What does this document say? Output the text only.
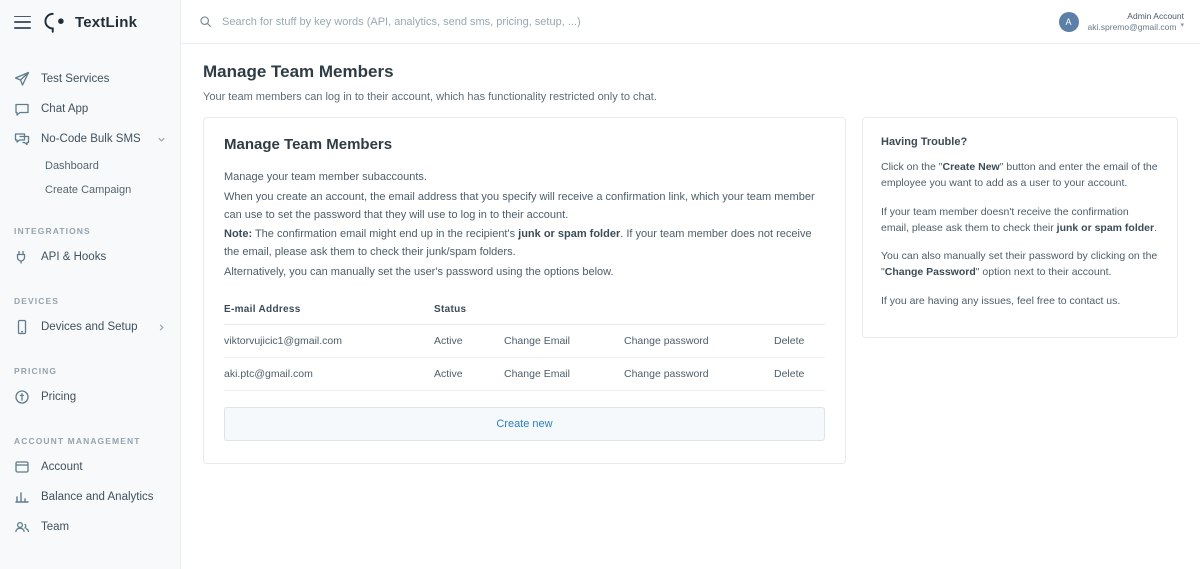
TextLink
Test Services
Chat App
No-Code Bulk SMS
Dashboard
Create Campaign
INTEGRATIONS
API & Hooks
DEVICES
Devices and Setup
PRICING
Pricing
ACCOUNT MANAGEMENT
Account
Balance and Analytics
Team
Search for stuff by key words (API, analytics, send sms, pricing, setup, ...)
A
Admin Account
aki.spremo@gmail.com ▾
Manage Team Members
Your team members can log in to their account, which has functionality restricted only to chat.
Manage Team Members

Manage your team member subaccounts.

When you create an account, the email address that you specify will receive a confirmation link, which your team member can use to set the password that they will use to log in to their account.

Note: The confirmation email might end up in the recipient's junk or spam folder. If your team member does not receive the email, please ask them to check their junk/spam folders.

Alternatively, you can manually set the user's password using the options below.

E-mail Address	Status			
viktorvujicic1@gmail.com	Active	Change Email	Change password	Delete
aki.ptc@gmail.com	Active	Change Email	Change password	Delete
Create new
Having Trouble?

Click on the "Create New" button and enter the email of the employee you want to add as a user to your account.

If your team member doesn't receive the confirmation email, please ask them to check their junk or spam folder.

You can also manually set their password by clicking on the "Change Password" option next to their account.

If you are having any issues, feel free to contact us.
